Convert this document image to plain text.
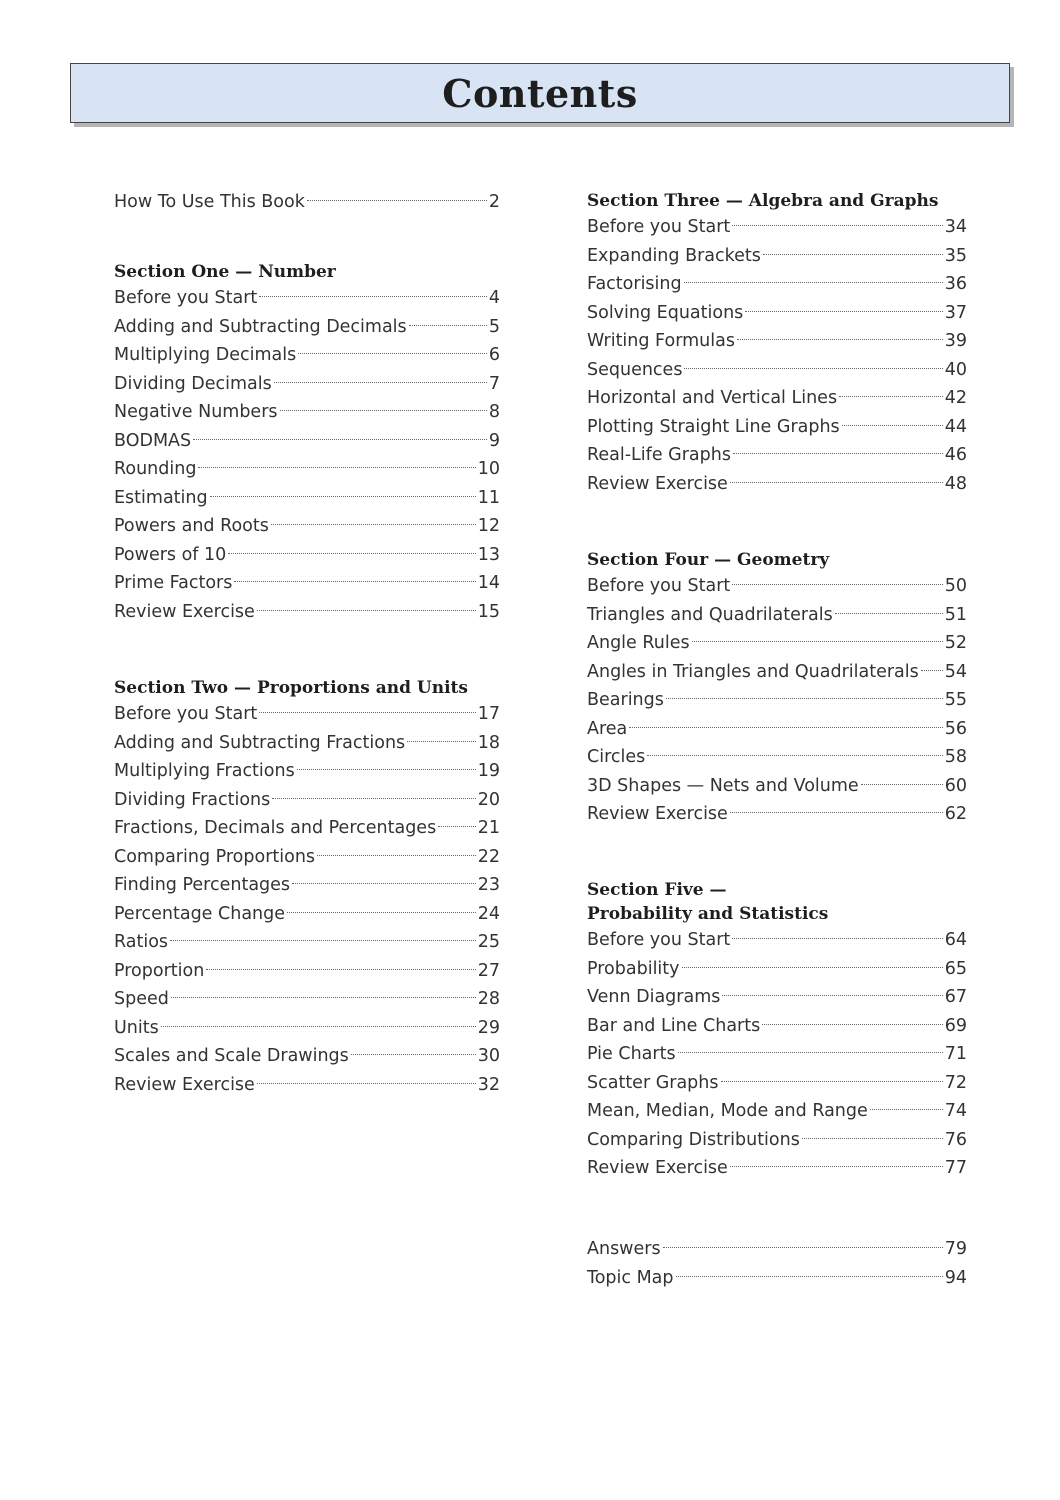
Contents
How To Use This Book	2
Section One — Number
Before you Start	4
Adding and Subtracting Decimals	5
Multiplying Decimals	6
Dividing Decimals	7
Negative Numbers	8
BODMAS	9
Rounding	10
Estimating	11
Powers and Roots	12
Powers of 10	13
Prime Factors	14
Review Exercise	15
Section Two — Proportions and Units
Before you Start	17
Adding and Subtracting Fractions	18
Multiplying Fractions	19
Dividing Fractions	20
Fractions, Decimals and Percentages 21
Comparing Proportions	22
Finding Percentages	23
Percentage Change	24
Ratios	25
Proportion	27
Speed	28
Units	29
Scales and Scale Drawings	30
Review Exercise	32
Section Three — Algebra and Graphs
Before you Start	34
Expanding Brackets	35
Factorising	36
Solving Equations	37
Writing Formulas	39
Sequences	40
Horizontal and Vertical Lines	42
Plotting Straight Line Graphs	44
Real-Life Graphs	46
Review Exercise	48
Section Four — Geometry
Before you Start	50
Triangles and Quadrilaterals	51
Angle Rules	52
Angles in Triangles and Quadrilaterals 54
Bearings	55
Area	56
Circles	58
3D Shapes — Nets and Volume	60
Review Exercise	62
Section Five —
Probability and Statistics
Before you Start	64
Probability	65
Venn Diagrams	67
Bar and Line Charts	69
Pie Charts	71
Scatter Graphs	72
Mean, Median, Mode and Range	74
Comparing Distributions	76
Review Exercise	77
Answers	79
Topic Map	94
